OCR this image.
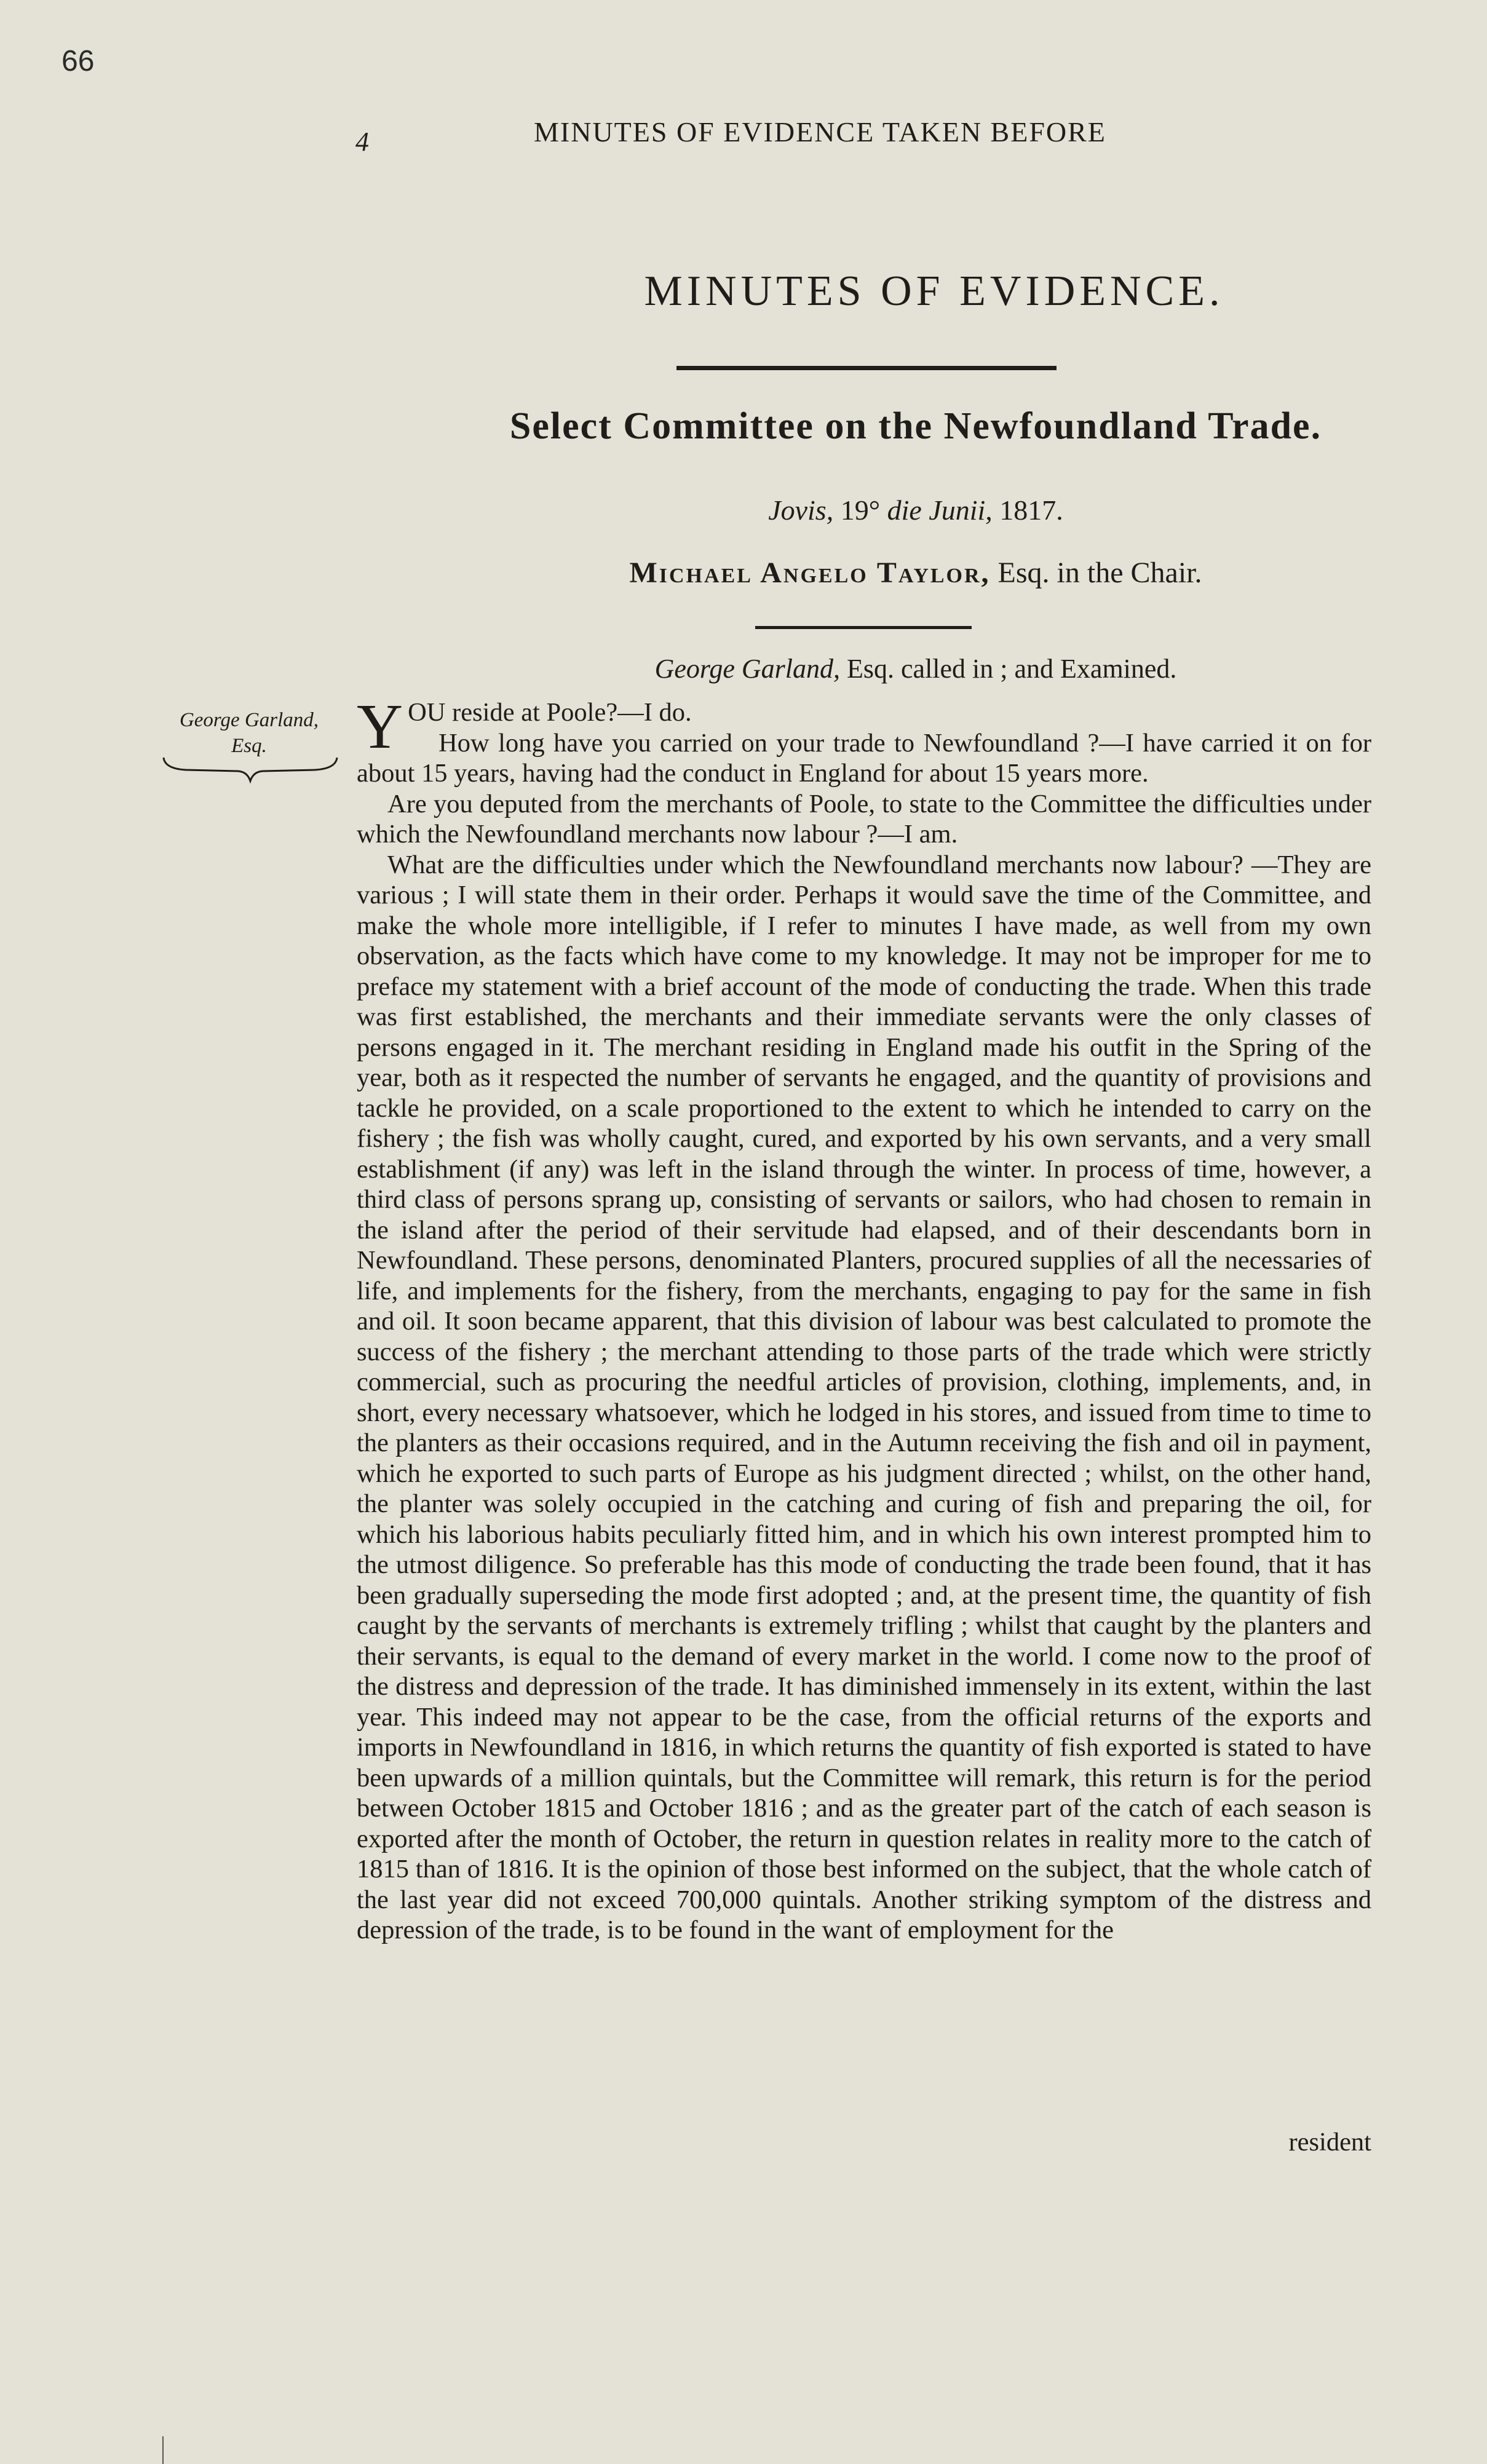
66
4	MINUTES OF EVIDENCE TAKEN BEFORE
MINUTES OF EVIDENCE.
Select Committee on the Newfoundland Trade.
Jovis, 19° die Junii, 1817.
Michael Angelo Taylor, Esq. in the Chair.
George Garland, Esq. called in ; and Examined.
George Garland,
Esq.	YOU reside at Poole?—I do.

How long have you carried on your trade to Newfoundland ?—I have carried it on for about 15 years, having had the conduct in England for about 15 years more.

Are you deputed from the merchants of Poole, to state to the Committee the difficulties under which the Newfoundland merchants now labour ?—I am.

What are the difficulties under which the Newfoundland merchants now labour? —They are various ; I will state them in their order. Perhaps it would save the time of the Committee, and make the whole more intelligible, if I refer to minutes I have made, as well from my own observation, as the facts which have come to my knowledge. It may not be improper for me to preface my statement with a brief account of the mode of conducting the trade. When this trade was first established, the merchants and their immediate servants were the only classes of persons engaged in it. The merchant residing in England made his outfit in the Spring of the year, both as it respected the number of servants he engaged, and the quantity of provisions and tackle he provided, on a scale proportioned to the extent to which he intended to carry on the fishery ; the fish was wholly caught, cured, and exported by his own servants, and a very small establishment (if any) was left in the island through the winter. In process of time, however, a third class of persons sprang up, consisting of servants or sailors, who had chosen to remain in the island after the period of their servitude had elapsed, and of their descendants born in Newfoundland. These persons, denominated Planters, procured supplies of all the necessaries of life, and implements for the fishery, from the merchants, engaging to pay for the same in fish and oil. It soon became apparent, that this division of labour was best calculated to promote the success of the fishery ; the merchant attending to those parts of the trade which were strictly commercial, such as procuring the needful articles of provision, clothing, implements, and, in short, every necessary whatsoever, which he lodged in his stores, and issued from time to time to the planters as their occasions required, and in the Autumn receiving the fish and oil in payment, which he exported to such parts of Europe as his judgment directed ; whilst, on the other hand, the planter was solely occupied in the catching and curing of fish and preparing the oil, for which his laborious habits peculiarly fitted him, and in which his own interest prompted him to the utmost diligence. So preferable has this mode of conducting the trade been found, that it has been gradually superseding the mode first adopted ; and, at the present time, the quantity of fish caught by the servants of merchants is extremely trifling ; whilst that caught by the planters and their servants, is equal to the demand of every market in the world. I come now to the proof of the distress and depression of the trade. It has diminished immensely in its extent, within the last year. This indeed may not appear to be the case, from the official returns of the exports and imports in Newfoundland in 1816, in which returns the quantity of fish exported is stated to have been upwards of a million quintals, but the Committee will remark, this return is for the period between October 1815 and October 1816 ; and as the greater part of the catch of each season is exported after the month of October, the return in question relates in reality more to the catch of 1815 than of 1816. It is the opinion of those best informed on the subject, that the whole catch of the last year did not exceed 700,000 quintals. Another striking symptom of the distress and depression of the trade, is to be found in the want of employment for the

resident
